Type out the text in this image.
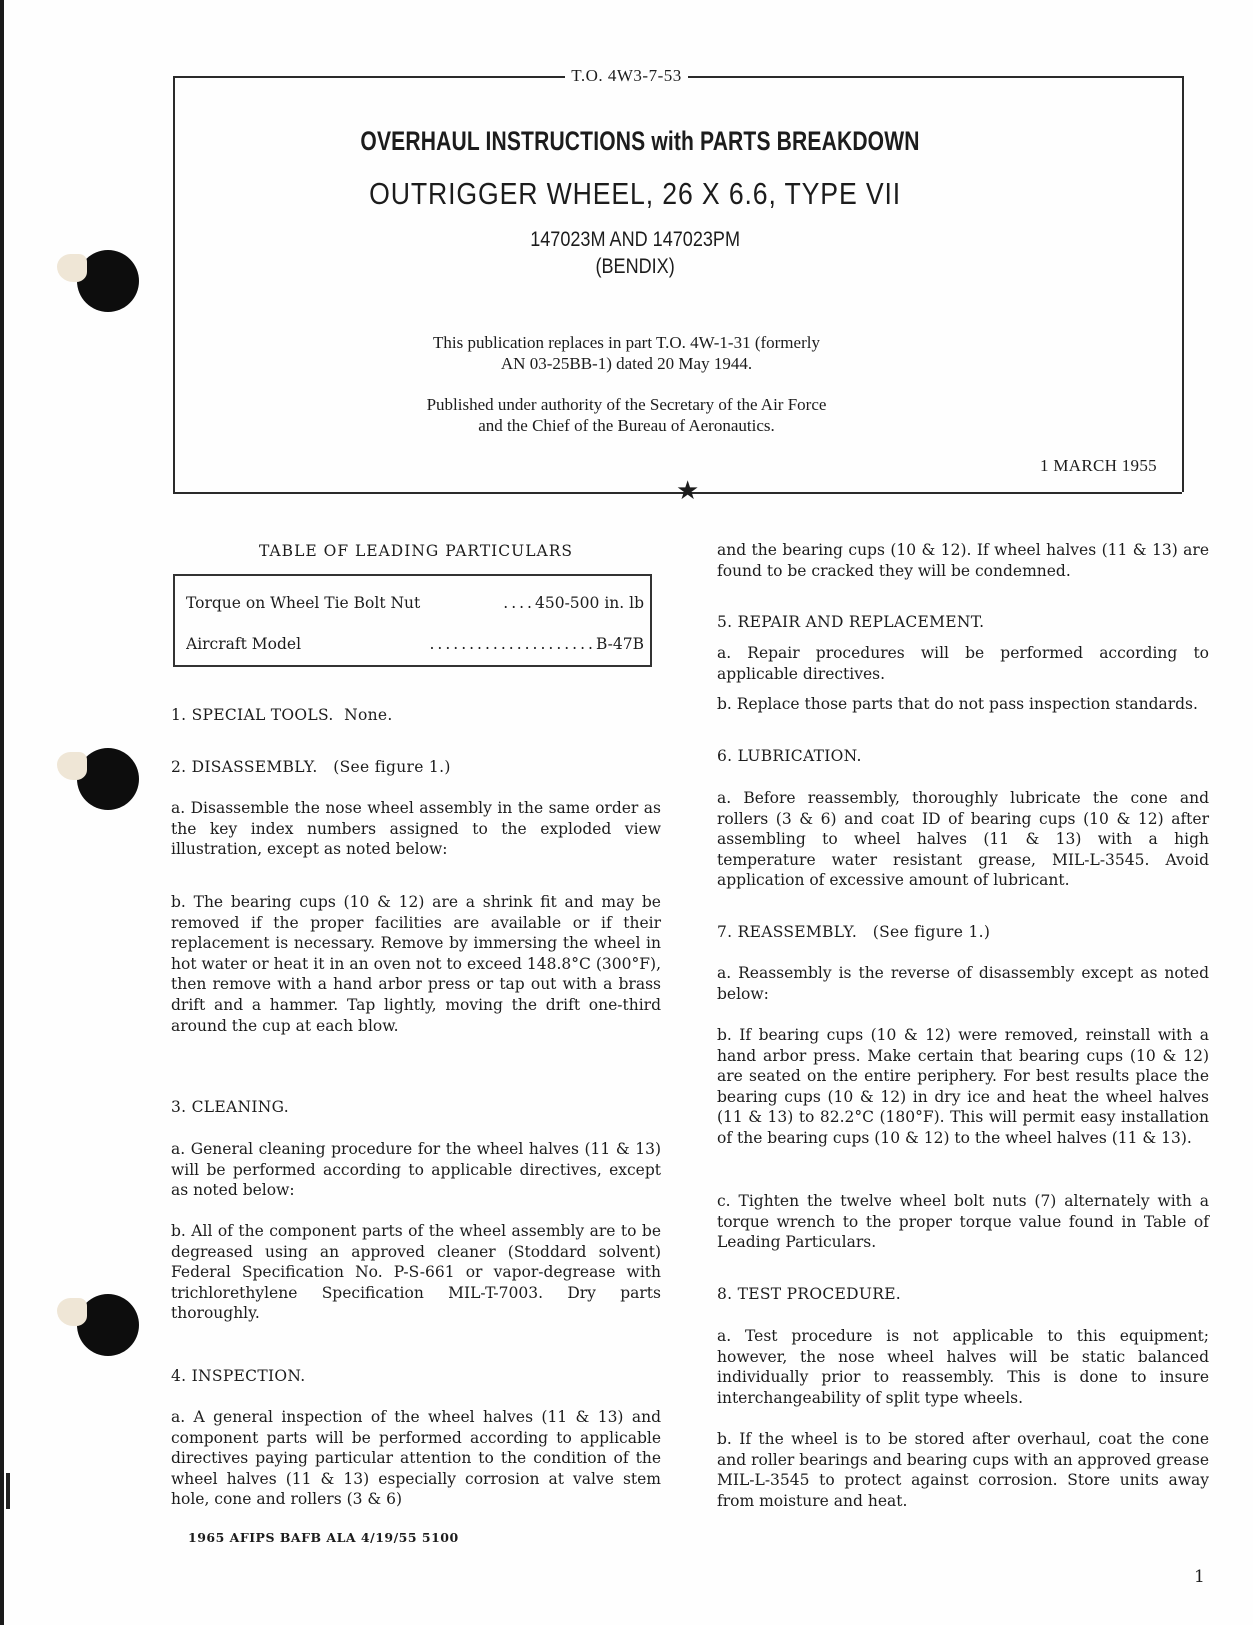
T.O. 4W3-7-53
OVERHAUL INSTRUCTIONS with PARTS BREAKDOWN
OUTRIGGER WHEEL, 26 X 6.6, TYPE VII
147023M AND 147023PM
(BENDIX)
This publication replaces in part T.O. 4W-1-31 (formerly
AN 03-25BB-1) dated 20 May 1944.
Published under authority of the Secretary of the Air Force
and the Chief of the Bureau of Aeronautics.
1 MARCH 1955
★
TABLE OF LEADING PARTICULARS
Torque on Wheel Tie Bolt Nut	.... 450-500 in. lb
Aircraft Model	..................... B-47B
1. SPECIAL TOOLS. None.
2. DISASSEMBLY. (See figure 1.)

a. Disassemble the nose wheel assembly in the same order as the key index numbers assigned to the exploded view illustration, except as noted below:

b. The bearing cups (10 & 12) are a shrink fit and may be removed if the proper facilities are available or if their replacement is necessary. Remove by immersing the wheel in hot water or heat it in an oven not to exceed 148.8°C (300°F), then remove with a hand arbor press or tap out with a brass drift and a hammer. Tap lightly, moving the drift one-third around the cup at each blow.

3. CLEANING.

a. General cleaning procedure for the wheel halves (11 & 13) will be performed according to applicable directives, except as noted below:

b. All of the component parts of the wheel assembly are to be degreased using an approved cleaner (Stoddard solvent) Federal Specification No. P-S-661 or vapor-degrease with trichlorethylene Specification MIL-T-7003. Dry parts thoroughly.

4. INSPECTION.

a. A general inspection of the wheel halves (11 & 13) and component parts will be performed according to applicable directives paying particular attention to the condition of the wheel halves (11 & 13) especially corrosion at valve stem hole, cone and rollers (3 & 6)

and the bearing cups (10 & 12). If wheel halves (11 & 13) are found to be cracked they will be condemned.

5. REPAIR AND REPLACEMENT.

a. Repair procedures will be performed according to applicable directives.

b. Replace those parts that do not pass inspection standards.

6. LUBRICATION.

a. Before reassembly, thoroughly lubricate the cone and rollers (3 & 6) and coat ID of bearing cups (10 & 12) after assembling to wheel halves (11 & 13) with a high temperature water resistant grease, MIL-L-3545. Avoid application of excessive amount of lubricant.

7. REASSEMBLY. (See figure 1.)

a. Reassembly is the reverse of disassembly except as noted below:

b. If bearing cups (10 & 12) were removed, reinstall with a hand arbor press. Make certain that bearing cups (10 & 12) are seated on the entire periphery. For best results place the bearing cups (10 & 12) in dry ice and heat the wheel halves (11 & 13) to 82.2°C (180°F). This will permit easy installation of the bearing cups (10 & 12) to the wheel halves (11 & 13).

c. Tighten the twelve wheel bolt nuts (7) alternately with a torque wrench to the proper torque value found in Table of Leading Particulars.

8. TEST PROCEDURE.

a. Test procedure is not applicable to this equipment; however, the nose wheel halves will be static balanced individually prior to reassembly. This is done to insure interchangeability of split type wheels.

b. If the wheel is to be stored after overhaul, coat the cone and roller bearings and bearing cups with an approved grease MIL-L-3545 to protect against corrosion. Store units away from moisture and heat.

1965 AFIPS BAFB ALA 4/19/55 5100
1
